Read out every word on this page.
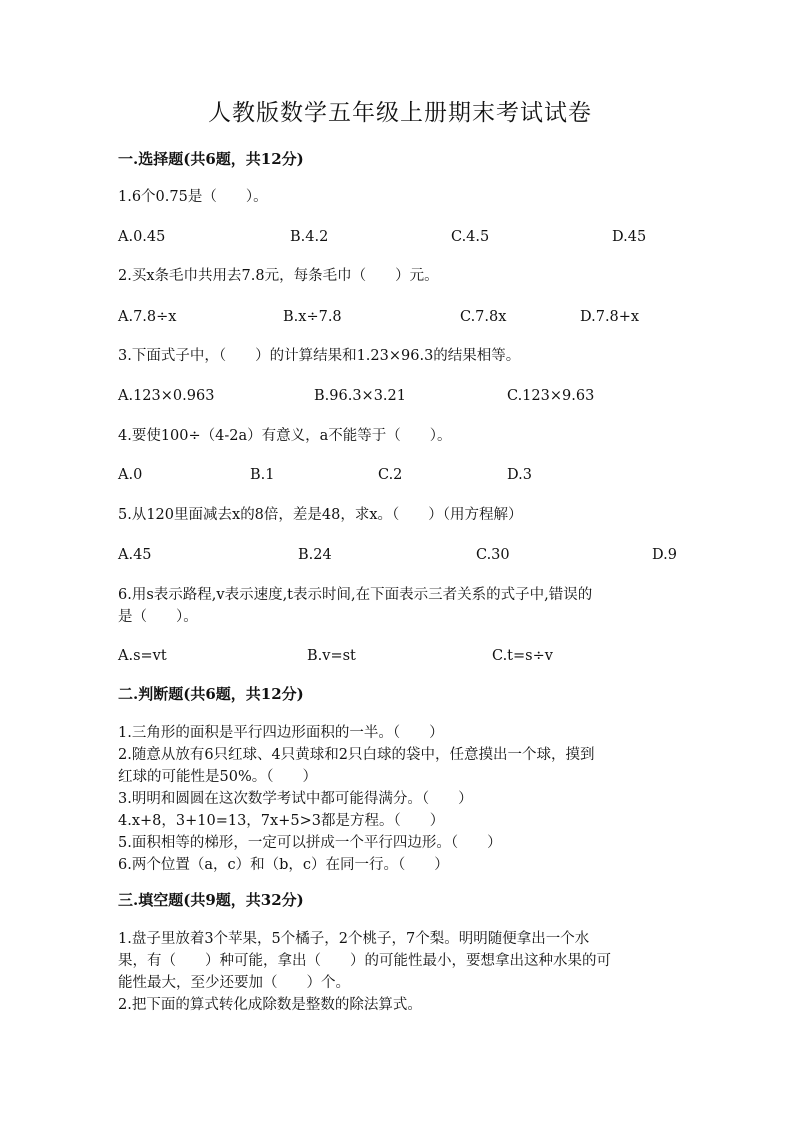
人教版数学五年级上册期末考试试卷
一.选择题(共6题，共12分)
1.6个0.75是（　　）。
A.0.45	B.4.2	C.4.5	D.45
2.买x条毛巾共用去7.8元，每条毛巾（　　）元。
A.7.8÷x	B.x÷7.8	C.7.8x	D.7.8+x
3.下面式子中，（　　）的计算结果和1.23×96.3的结果相等。
A.123×0.963	B.96.3×3.21	C.123×9.63
4.要使100÷（4-2a）有意义，a不能等于（　　）。
A.0	B.1	C.2	D.3
5.从120里面减去x的8倍，差是48，求x。（　　）（用方程解）
A.45	B.24	C.30	D.9
6.用s表示路程,v表示速度,t表示时间,在下面表示三者关系的式子中,错误的
是（　　）。
A.s=vt	B.v=st	C.t=s÷v
二.判断题(共6题，共12分)
1.三角形的面积是平行四边形面积的一半。（　　）
2.随意从放有6只红球、4只黄球和2只白球的袋中，任意摸出一个球，摸到
红球的可能性是50%。（　　）
3.明明和圆圆在这次数学考试中都可能得满分。（　　）
4.x+8，3+10=13，7x+5>3都是方程。（　　）
5.面积相等的梯形，一定可以拼成一个平行四边形。（　　）
6.两个位置（a，c）和（b，c）在同一行。（　　）
三.填空题(共9题，共32分)
1.盘子里放着3个苹果，5个橘子，2个桃子，7个梨。明明随便拿出一个水
果，有（　　）种可能，拿出（　　）的可能性最小，要想拿出这种水果的可
能性最大，至少还要加（　　）个。
2.把下面的算式转化成除数是整数的除法算式。
